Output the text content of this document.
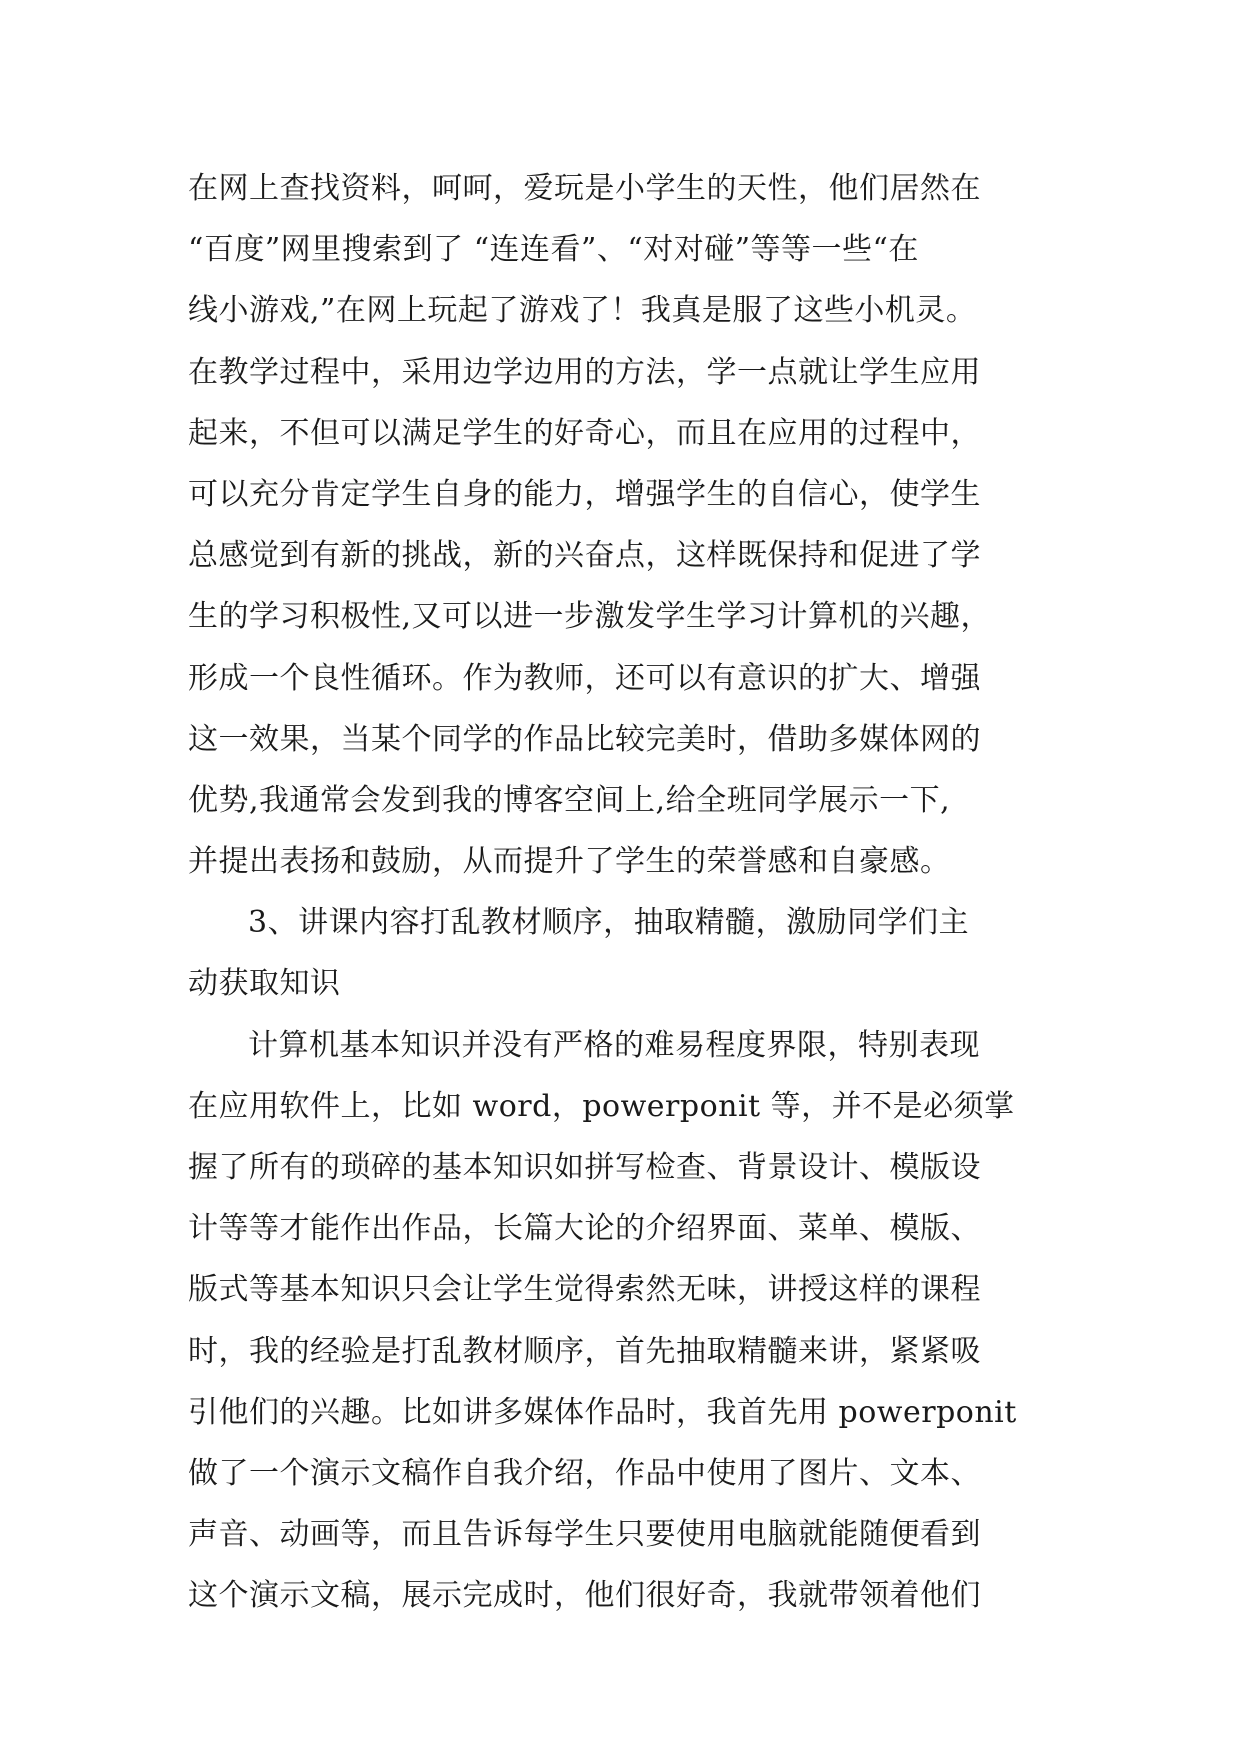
在网上查找资料，呵呵，爱玩是小学生的天性，他们居然在
“百度”网里搜索到了 “连连看”、“对对碰”等等一些“在
线小游戏,”在网上玩起了游戏了！我真是服了这些小机灵。
在教学过程中，采用边学边用的方法，学一点就让学生应用
起来，不但可以满足学生的好奇心，而且在应用的过程中，
可以充分肯定学生自身的能力，增强学生的自信心，使学生
总感觉到有新的挑战，新的兴奋点，这样既保持和促进了学
生的学习积极性,又可以进一步激发学生学习计算机的兴趣，
形成一个良性循环。作为教师，还可以有意识的扩大、增强
这一效果，当某个同学的作品比较完美时，借助多媒体网的
优势,我通常会发到我的博客空间上,给全班同学展示一下,
并提出表扬和鼓励，从而提升了学生的荣誉感和自豪感。
3、讲课内容打乱教材顺序，抽取精髓，激励同学们主
动获取知识
计算机基本知识并没有严格的难易程度界限，特别表现
在应用软件上，比如 word，powerponit 等，并不是必须掌
握了所有的琐碎的基本知识如拼写检查、背景设计、模版设
计等等才能作出作品，长篇大论的介绍界面、菜单、模版、
版式等基本知识只会让学生觉得索然无味，讲授这样的课程
时，我的经验是打乱教材顺序，首先抽取精髓来讲，紧紧吸
引他们的兴趣。比如讲多媒体作品时，我首先用 powerponit
做了一个演示文稿作自我介绍，作品中使用了图片、文本、
声音、动画等，而且告诉每学生只要使用电脑就能随便看到
这个演示文稿，展示完成时，他们很好奇，我就带领着他们
